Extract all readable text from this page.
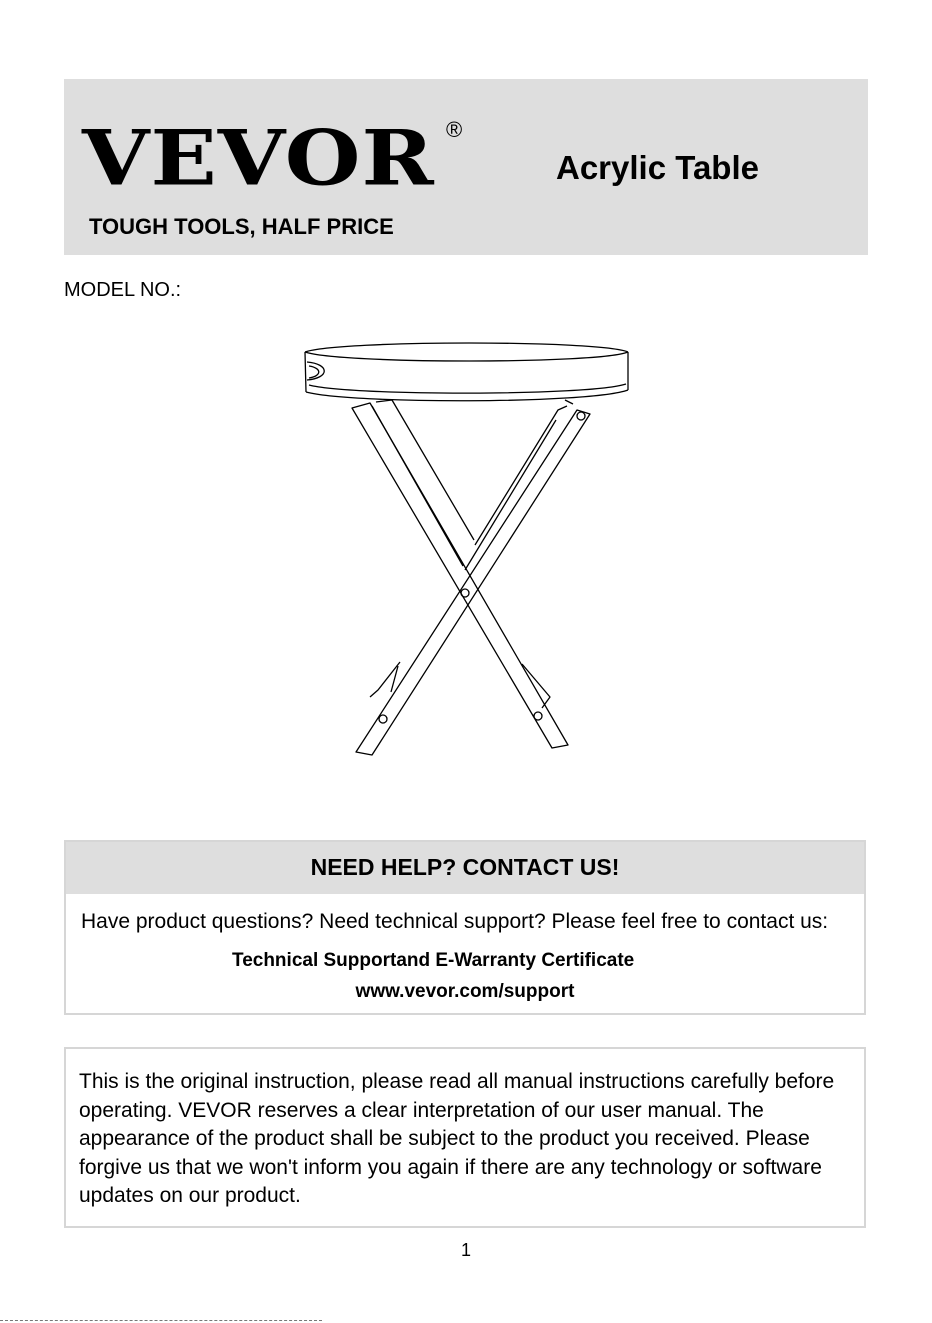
VEVOR ®
TOUGH TOOLS, HALF PRICE
Acrylic Table
MODEL NO.:
NEED HELP? CONTACT US!
Have product questions? Need technical support? Please feel free to contact us:
Technical Supportand E-Warranty Certificate
www.vevor.com/support
This is the original instruction, please read all manual instructions carefully before operating. VEVOR reserves a clear interpretation of our user manual. The appearance of the product shall be subject to the product you received. Please forgive us that we won't inform you again if there are any technology or software updates on our product.
1
